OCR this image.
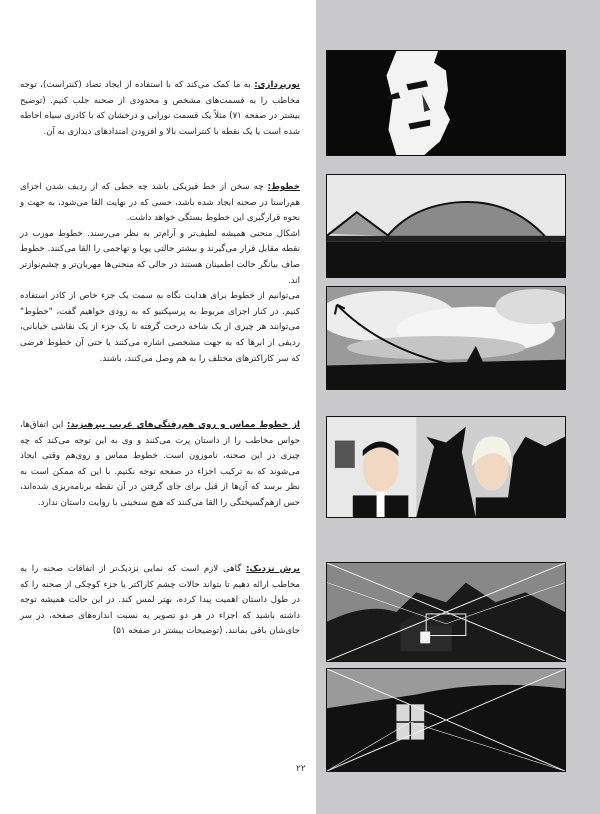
نورپردازی: به ما کمک می‌کند که با استفاده از ایجاد تضاد (کنتراست)، توجه مخاطب را به قسمت‌های مشخص و محدودی از صحنه جلب کنیم. (توضیح بیشتر در صفحه ۷۱) مثلاً یک قسمت نورانی و درخشان که با کادری سیاه احاطه شده است یا یک نقطه با کنتراست بالا و افزودن امتدادهای دیداری به آن.

خطوط: چه سخن از خط فیزیکی باشد چه خطی که از ردیف شدن اجزای هم‌راستا در صحنه ایجاد شده باشد، حسی که در نهایت القا می‌شود، به جهت و نحوه قرارگیری این خطوط بستگی خواهد داشت.

اشکال منحنی همیشه لطیف‌تر و آرام‌تر به نظر می‌رسند. خطوط مورب در نقطه مقابل قرار می‌گیرند و بیشتر حالتی پویا و تهاجمی را القا می‌کنند. خطوط صاف بیانگر حالت اطمینان هستند در حالی که منحنی‌ها مهربان‌تر و چشم‌نوازتر اند.

می‌توانیم از خطوط برای هدایت نگاه به سمت یک جزء خاص از کادر استفاده کنیم. در کنار اجزای مربوط به پرسپکتیو که به زودی خواهیم گفت، "خطوط" می‌توانند هر چیزی از یک شاخه درخت گرفته تا یک جزء از یک نقاشی خیابانی، ردیفی از ابرها که به جهت مشخصی اشاره می‌کنند یا حتی آن خطوط فرضی که سر کاراکترهای مختلف را به هم وصل می‌کنند، باشند.

از خطوط مماس و روی هم‌رفتگی‌های غریب بپرهیزید: این اتفاق‌ها، حواس مخاطب را از داستان پرت می‌کنند و وی به این توجه می‌کند که چه چیزی در این صحنه، ناموزون است. خطوط مماس و روی‌هم وقتی ایجاد می‌شوند که به ترکیب اجزاء در صفحه توجه نکنیم. با این که ممکن است به نظر برسد که آن‌ها از قبل برای جای گرفتن در آن نقطه برنامه‌ریزی شده‌اند، حس ازهم‌گسیختگی را القا می‌کنند که هیچ سنخیتی با روایت داستان ندارد.

برش نزدیک: گاهی لازم است که نمایی نزدیک‌تر از اتفاقات صحنه را به مخاطب ارائه دهیم تا بتواند حالات چشم کاراکتر یا جزء کوچکی از صحنه را که در طول داستان اهمیت پیدا کرده، بهتر لمس کند. در این حالت همیشه توجه داشته باشید که اجزاء در هر دو تصویر به نسبت اندازه‌های صفحه، در سر جای‌شان باقی بمانند. (توضیحات بیشتر در صفحه ۵۱)

۲۲
